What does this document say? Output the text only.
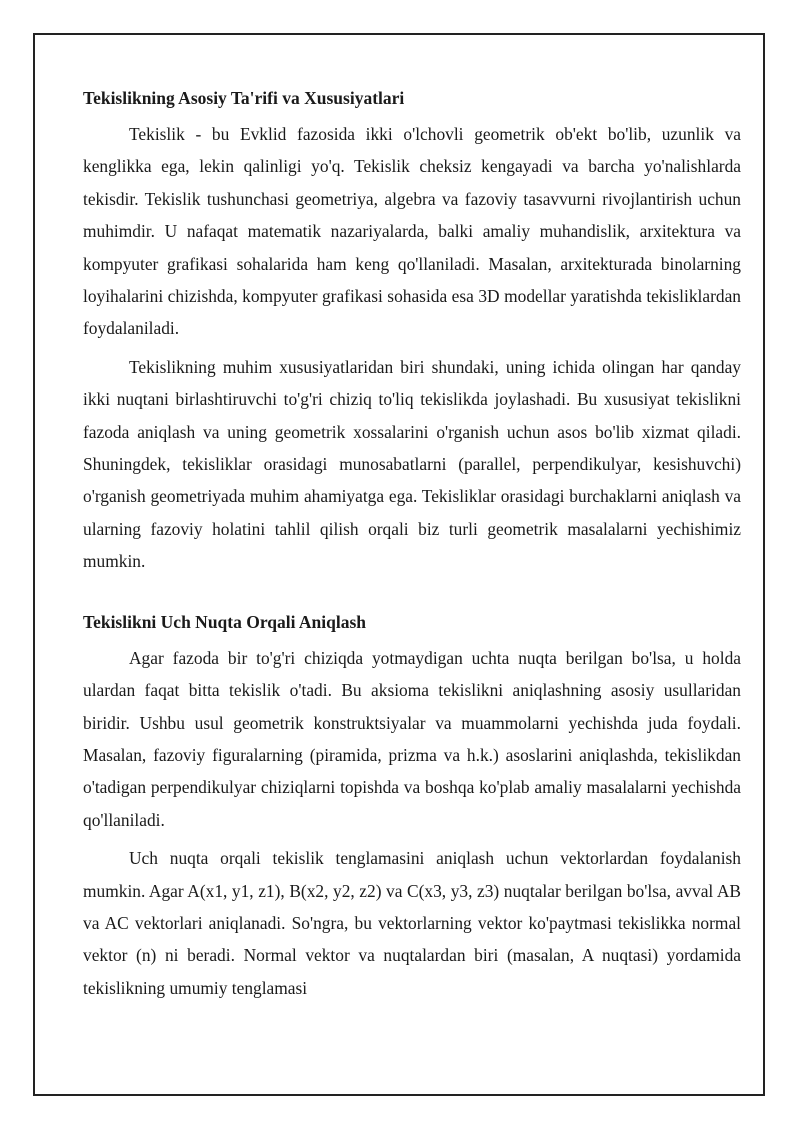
Tekislikning Asosiy Ta'rifi va Xususiyatlari

Tekislik - bu Evklid fazosida ikki o'lchovli geometrik ob'ekt bo'lib, uzunlik va kenglikka ega, lekin qalinligi yo'q. Tekislik cheksiz kengayadi va barcha yo'nalishlarda tekisdir. Tekislik tushunchasi geometriya, algebra va fazoviy tasavvurni rivojlantirish uchun muhimdir. U nafaqat matematik nazariyalarda, balki amaliy muhandislik, arxitektura va kompyuter grafikasi sohalarida ham keng qo'llaniladi. Masalan, arxitekturada binolarning loyihalarini chizishda, kompyuter grafikasi sohasida esa 3D modellar yaratishda tekisliklardan foydalaniladi.

Tekislikning muhim xususiyatlaridan biri shundaki, uning ichida olingan har qanday ikki nuqtani birlashtiruvchi to'g'ri chiziq to'liq tekislikda joylashadi. Bu xususiyat tekislikni fazoda aniqlash va uning geometrik xossalarini o'rganish uchun asos bo'lib xizmat qiladi. Shuningdek, tekisliklar orasidagi munosabatlarni (parallel, perpendikulyar, kesishuvchi) o'rganish geometriyada muhim ahamiyatga ega. Tekisliklar orasidagi burchaklarni aniqlash va ularning fazoviy holatini tahlil qilish orqali biz turli geometrik masalalarni yechishimiz mumkin.

Tekislikni Uch Nuqta Orqali Aniqlash

Agar fazoda bir to'g'ri chiziqda yotmaydigan uchta nuqta berilgan bo'lsa, u holda ulardan faqat bitta tekislik o'tadi. Bu aksioma tekislikni aniqlashning asosiy usullaridan biridir. Ushbu usul geometrik konstruktsiyalar va muammolarni yechishda juda foydali. Masalan, fazoviy figuralarning (piramida, prizma va h.k.) asoslarini aniqlashda, tekislikdan o'tadigan perpendikulyar chiziqlarni topishda va boshqa ko'plab amaliy masalalarni yechishda qo'llaniladi.

Uch nuqta orqali tekislik tenglamasini aniqlash uchun vektorlardan foydalanish mumkin. Agar A(x1, y1, z1), B(x2, y2, z2) va C(x3, y3, z3) nuqtalar berilgan bo'lsa, avval AB va AC vektorlari aniqlanadi. So'ngra, bu vektorlarning vektor ko'paytmasi tekislikka normal vektor (n) ni beradi. Normal vektor va nuqtalardan biri (masalan, A nuqtasi) yordamida tekislikning umumiy tenglamasi
